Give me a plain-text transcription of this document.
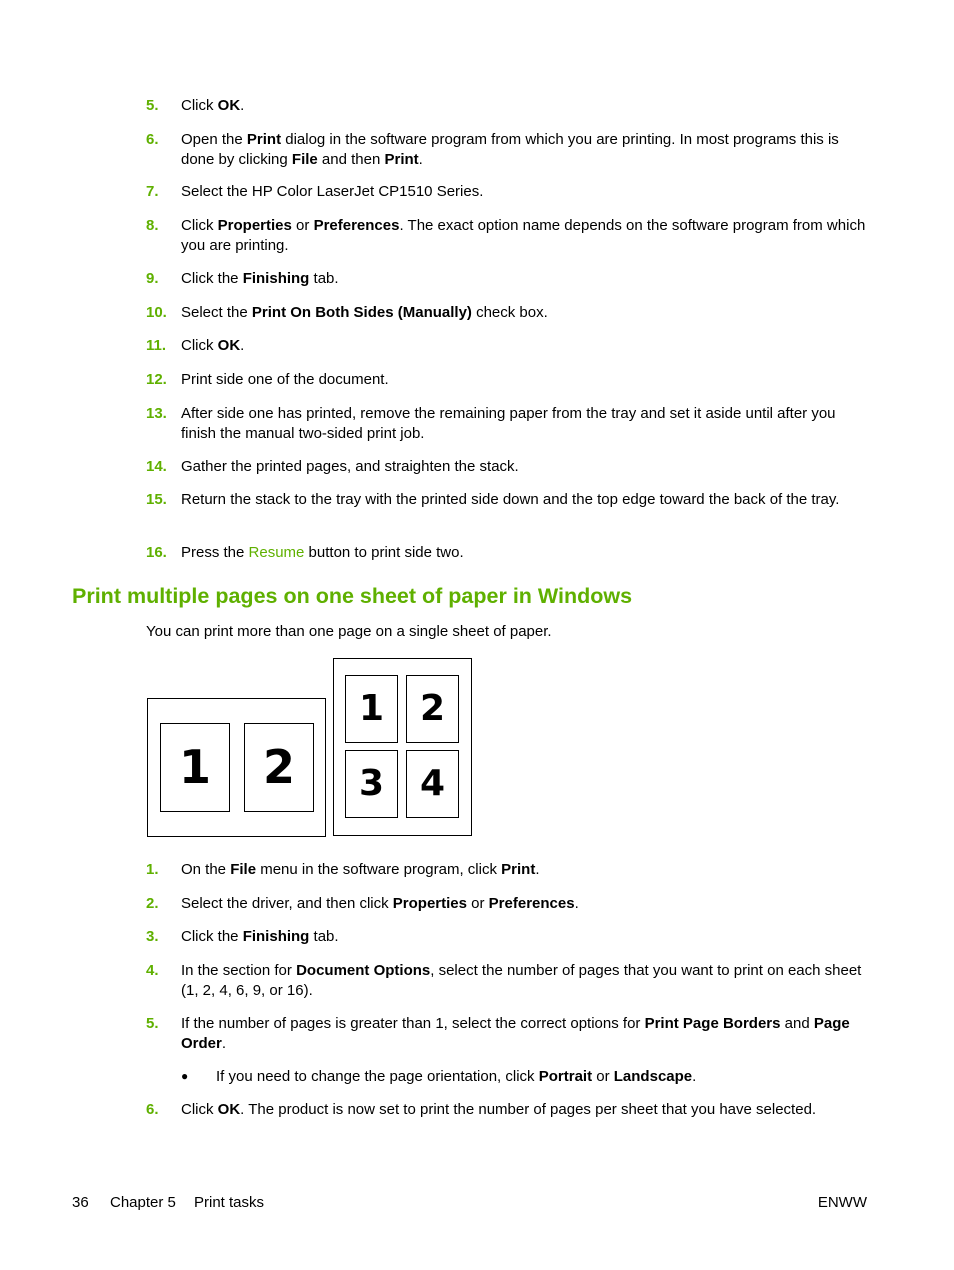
5. Click OK.
6. Open the Print dialog in the software program from which you are printing. In most programs this is done by clicking File and then Print.
7. Select the HP Color LaserJet CP1510 Series.
8. Click Properties or Preferences. The exact option name depends on the software program from which you are printing.
9. Click the Finishing tab.
10. Select the Print On Both Sides (Manually) check box.
11. Click OK.
12. Print side one of the document.
13. After side one has printed, remove the remaining paper from the tray and set it aside until after you finish the manual two-sided print job.
14. Gather the printed pages, and straighten the stack.
15. Return the stack to the tray with the printed side down and the top edge toward the back of the tray.
16. Press the Resume button to print side two.
Print multiple pages on one sheet of paper in Windows
You can print more than one page on a single sheet of paper.
1	2
1 2
3 4
1. On the File menu in the software program, click Print.
2. Select the driver, and then click Properties or Preferences.
3. Click the Finishing tab.
4. In the section for Document Options, select the number of pages that you want to print on each sheet (1, 2, 4, 6, 9, or 16).
5. If the number of pages is greater than 1, select the correct options for Print Page Borders and Page Order.
● If you need to change the page orientation, click Portrait or Landscape.
6. Click OK. The product is now set to print the number of pages per sheet that you have selected.
36 Chapter 5 Print tasks	ENWW
